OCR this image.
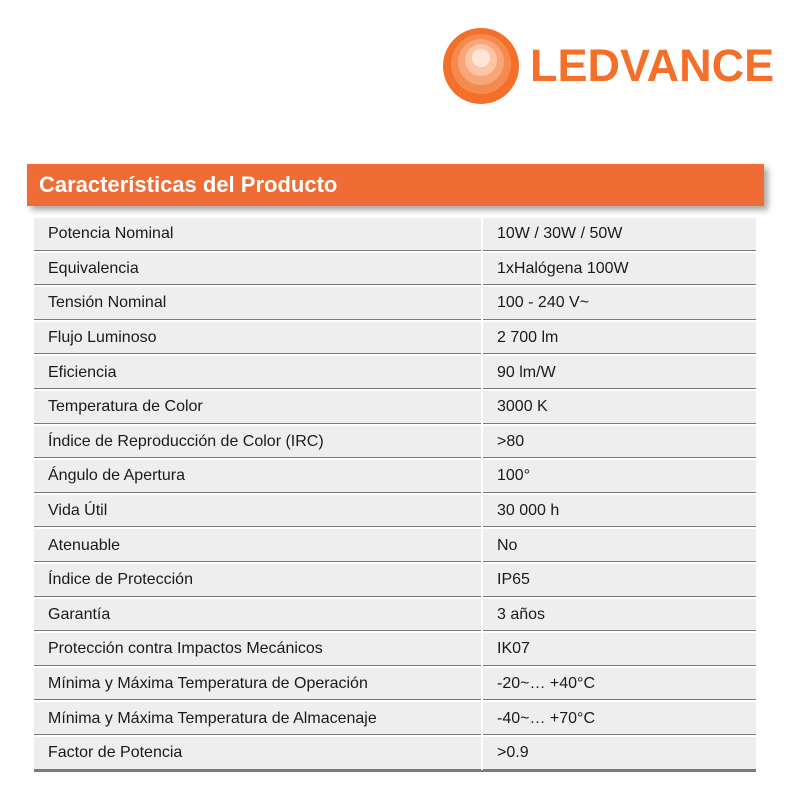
LEDVANCE
Características del Producto
Potencia Nominal	10W / 30W / 50W
Equivalencia	1xHalógena 100W
Tensión Nominal	100 - 240 V~
Flujo Luminoso	2 700 lm
Eficiencia	90 lm/W
Temperatura de Color	3000 K
Índice de Reproducción de Color (IRC)	>80
Ángulo de Apertura	100°
Vida Útil	30 000 h
Atenuable	No
Índice de Protección	IP65
Garantía	3 años
Protección contra Impactos Mecánicos	IK07
Mínima y Máxima Temperatura de Operación	-20~… +40°C
Mínima y Máxima Temperatura de Almacenaje	-40~… +70°C
Factor de Potencia	>0.9
